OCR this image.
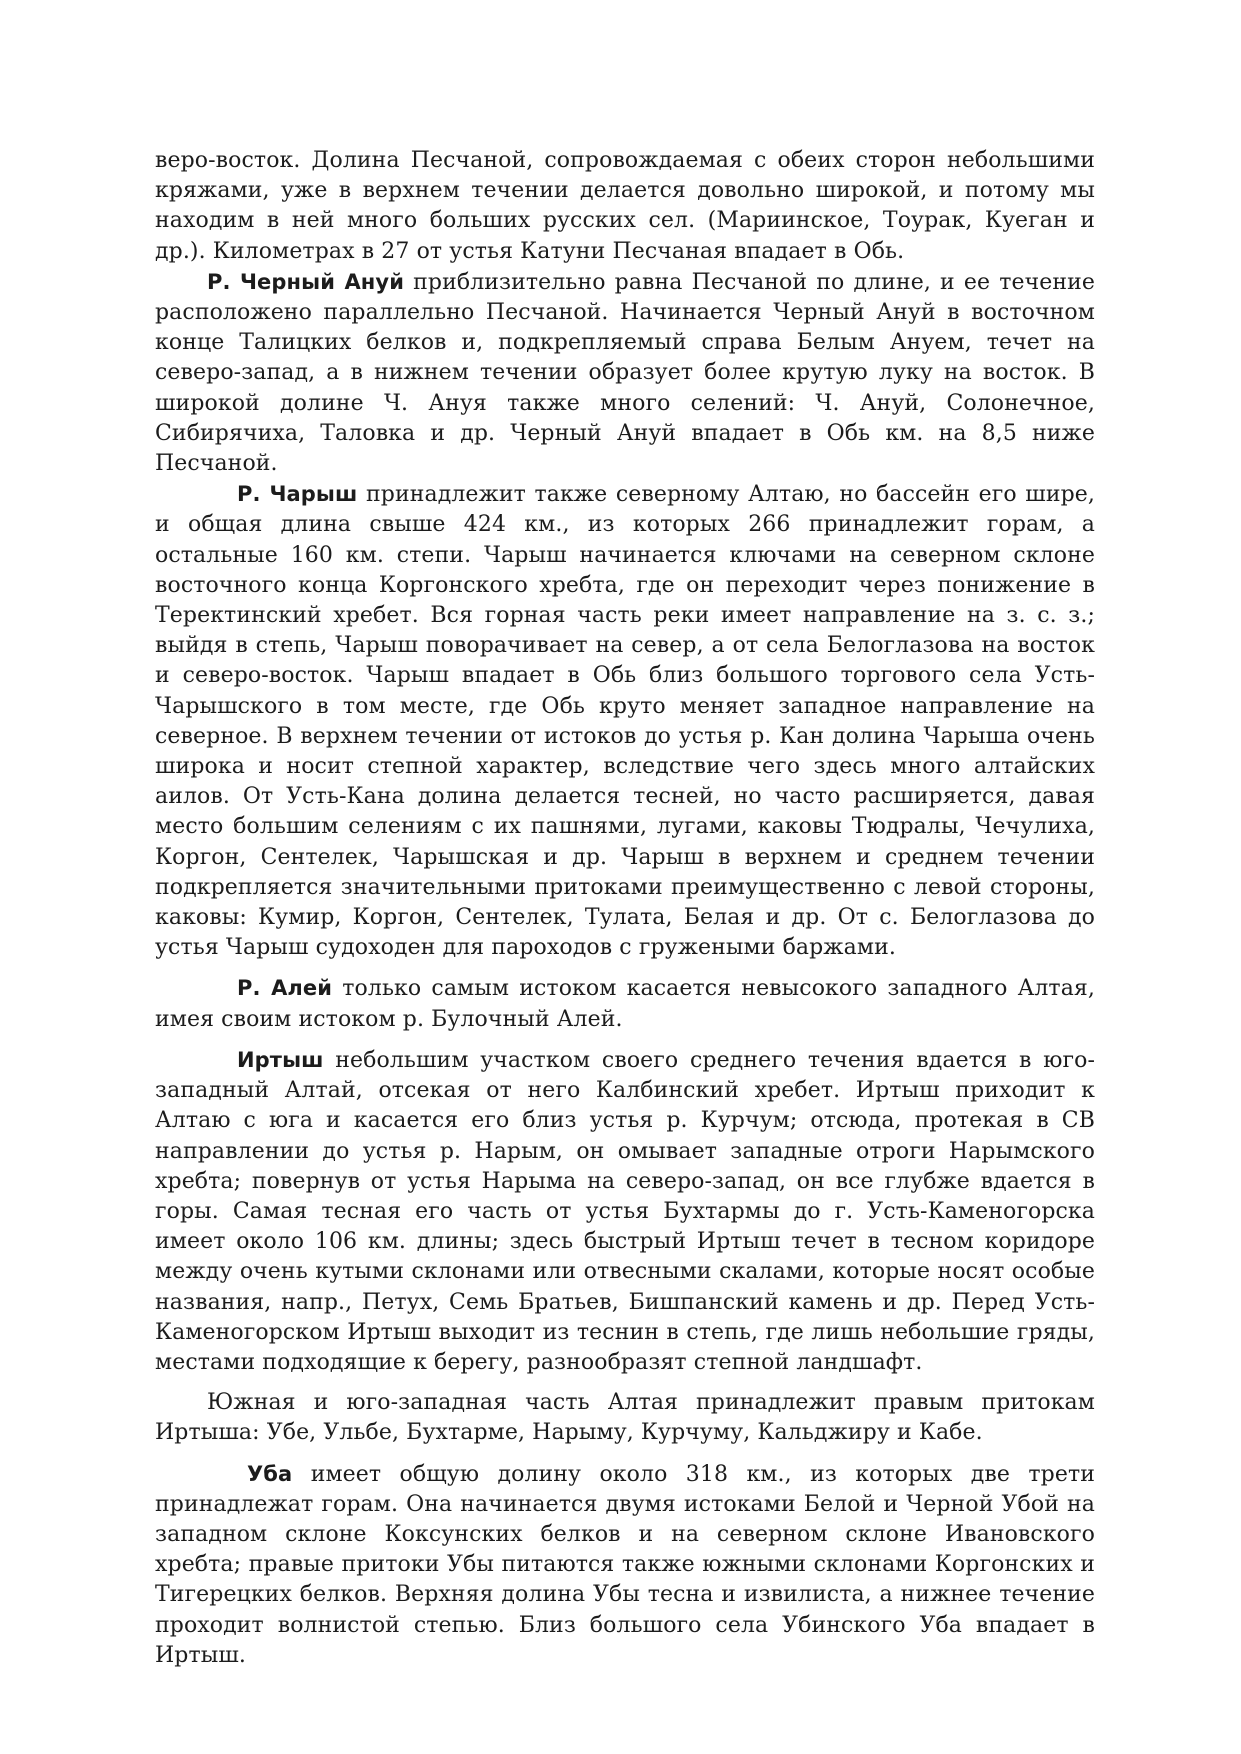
веро-восток. Долина Песчаной, сопровождаемая с обеих сторон небольшими кряжами, уже в верхнем течении делается довольно широкой, и потому мы находим в ней много больших русских сел. (Мариинское, Тоурак, Куеган и др.). Километрах в 27 от устья Катуни Песчаная впадает в Обь.

Р. Черный Ануй приблизительно равна Песчаной по длине, и ее течение расположено параллельно Песчаной. Начинается Черный Ануй в восточном конце Талицких белков и, подкрепляемый справа Белым Ануем, течет на северо-запад, а в нижнем течении образует более крутую луку на восток. В широкой долине Ч. Ануя также много селений: Ч. Ануй, Солонечное, Сибирячиха, Таловка и др. Черный Ануй впадает в Обь км. на 8,5 ниже Песчаной.

Р. Чарыш принадлежит также северному Алтаю, но бассейн его шире, и общая длина свыше 424 км., из которых 266 принадлежит горам, а остальные 160 км. степи. Чарыш начинается ключами на северном склоне восточного конца Коргонского хребта, где он переходит через понижение в Теректинский хребет. Вся горная часть реки имеет направление на з. с. з.; выйдя в степь, Чарыш поворачивает на север, а от села Белоглазова на восток и северо-восток. Чарыш впадает в Обь близ большого торгового села Усть-Чарышского в том месте, где Обь круто меняет западное направление на северное. В верхнем течении от истоков до устья р. Кан долина Чарыша очень широка и носит степной характер, вследствие чего здесь много алтайских аилов. От Усть-Кана долина делается тесней, но часто расширяется, давая место большим селениям с их пашнями, лугами, каковы Тюдралы, Чечулиха, Коргон, Сентелек, Чарышская и др. Чарыш в верхнем и среднем течении подкрепляется значительными притоками преимущественно с левой стороны, каковы: Кумир, Коргон, Сентелек, Тулата, Белая и др. От с. Белоглазова до устья Чарыш судоходен для пароходов с гружеными баржами.

Р. Алей только самым истоком касается невысокого западного Алтая, имея своим истоком р. Булочный Алей.

Иртыш небольшим участком своего среднего течения вдается в юго-западный Алтай, отсекая от него Калбинский хребет. Иртыш приходит к Алтаю с юга и касается его близ устья р. Курчум; отсюда, протекая в СВ направлении до устья р. Нарым, он омывает западные отроги Нарымского хребта; повернув от устья Нарыма на северо-запад, он все глубже вдается в горы. Самая тесная его часть от устья Бухтармы до г. Усть-Каменогорска имеет около 106 км. длины; здесь быстрый Иртыш течет в тесном коридоре между очень кутыми склонами или отвесными скалами, которые носят особые названия, напр., Петух, Семь Братьев, Бишпанский камень и др. Перед Усть-Каменогорском Иртыш выходит из теснин в степь, где лишь небольшие гряды, местами подходящие к берегу, разнообразят степной ландшафт.

Южная и юго-западная часть Алтая принадлежит правым притокам Иртыша: Убе, Ульбе, Бухтарме, Нарыму, Курчуму, Кальджиру и Кабе.

Уба имеет общую долину около 318 км., из которых две трети принадлежат горам. Она начинается двумя истоками Белой и Черной Убой на западном склоне Коксунских белков и на северном склоне Ивановского хребта; правые притоки Убы питаются также южными склонами Коргонских и Тигерецких белков. Верхняя долина Убы тесна и извилиста, а нижнее течение проходит волнистой степью. Близ большого села Убинского Уба впадает в Иртыш.
